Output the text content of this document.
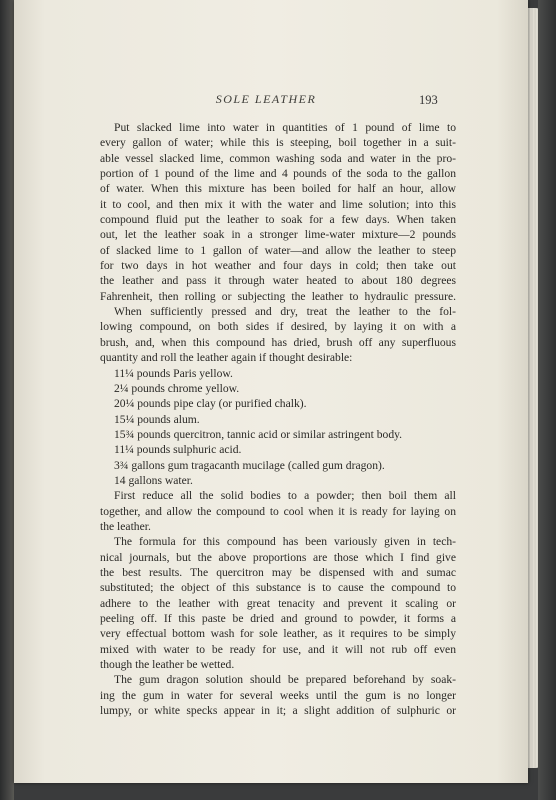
SOLE LEATHER	193
Put slacked lime into water in quantities of 1 pound of lime to
every gallon of water; while this is steeping, boil together in a suit-
able vessel slacked lime, common washing soda and water in the pro-
portion of 1 pound of the lime and 4 pounds of the soda to the gallon
of water. When this mixture has been boiled for half an hour, allow
it to cool, and then mix it with the water and lime solution; into this
compound fluid put the leather to soak for a few days. When taken
out, let the leather soak in a stronger lime-water mixture—2 pounds
of slacked lime to 1 gallon of water—and allow the leather to steep
for two days in hot weather and four days in cold; then take out
the leather and pass it through water heated to about 180 degrees
Fahrenheit, then rolling or subjecting the leather to hydraulic pressure.
When sufficiently pressed and dry, treat the leather to the fol-
lowing compound, on both sides if desired, by laying it on with a
brush, and, when this compound has dried, brush off any superfluous
quantity and roll the leather again if thought desirable:
11¼ pounds Paris yellow.
2¼ pounds chrome yellow.
20¼ pounds pipe clay (or purified chalk).
15¼ pounds alum.
15¾ pounds quercitron, tannic acid or similar astringent body.
11¼ pounds sulphuric acid.
3¾ gallons gum tragacanth mucilage (called gum dragon).
14 gallons water.
First reduce all the solid bodies to a powder; then boil them all
together, and allow the compound to cool when it is ready for laying on
the leather.
The formula for this compound has been variously given in tech-
nical journals, but the above proportions are those which I find give
the best results. The quercitron may be dispensed with and sumac
substituted; the object of this substance is to cause the compound to
adhere to the leather with great tenacity and prevent it scaling or
peeling off. If this paste be dried and ground to powder, it forms a
very effectual bottom wash for sole leather, as it requires to be simply
mixed with water to be ready for use, and it will not rub off even
though the leather be wetted.
The gum dragon solution should be prepared beforehand by soak-
ing the gum in water for several weeks until the gum is no longer
lumpy, or white specks appear in it; a slight addition of sulphuric or
